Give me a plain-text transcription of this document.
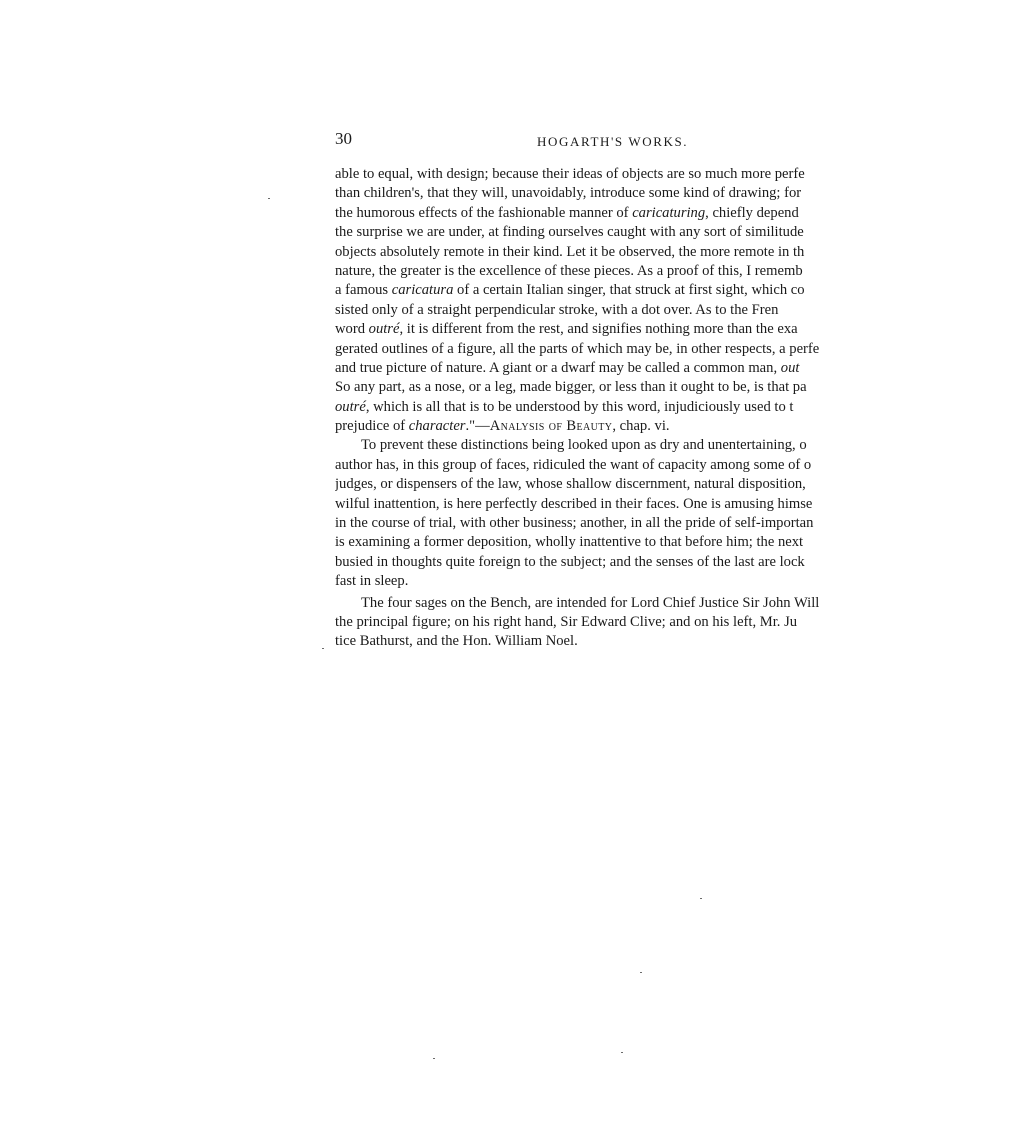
30	HOGARTH'S WORKS.
able to equal, with design; because their ideas of objects are so much more perfe
than children's, that they will, unavoidably, introduce some kind of drawing; for
the humorous effects of the fashionable manner of caricaturing, chiefly depend
the surprise we are under, at finding ourselves caught with any sort of similitude
objects absolutely remote in their kind. Let it be observed, the more remote in th
nature, the greater is the excellence of these pieces. As a proof of this, I rememb
a famous caricatura of a certain Italian singer, that struck at first sight, which co
sisted only of a straight perpendicular stroke, with a dot over. As to the Fren
word outré, it is different from the rest, and signifies nothing more than the exa
gerated outlines of a figure, all the parts of which may be, in other respects, a perfe
and true picture of nature. A giant or a dwarf may be called a common man, out
So any part, as a nose, or a leg, made bigger, or less than it ought to be, is that pa
outré, which is all that is to be understood by this word, injudiciously used to t
prejudice of character."—Analysis of Beauty, chap. vi.
To prevent these distinctions being looked upon as dry and unentertaining, o
author has, in this group of faces, ridiculed the want of capacity among some of o
judges, or dispensers of the law, whose shallow discernment, natural disposition,
wilful inattention, is here perfectly described in their faces. One is amusing himse
in the course of trial, with other business; another, in all the pride of self-importan
is examining a former deposition, wholly inattentive to that before him; the next
busied in thoughts quite foreign to the subject; and the senses of the last are lock
fast in sleep.
The four sages on the Bench, are intended for Lord Chief Justice Sir John Will
the principal figure; on his right hand, Sir Edward Clive; and on his left, Mr. Ju
tice Bathurst, and the Hon. William Noel.
